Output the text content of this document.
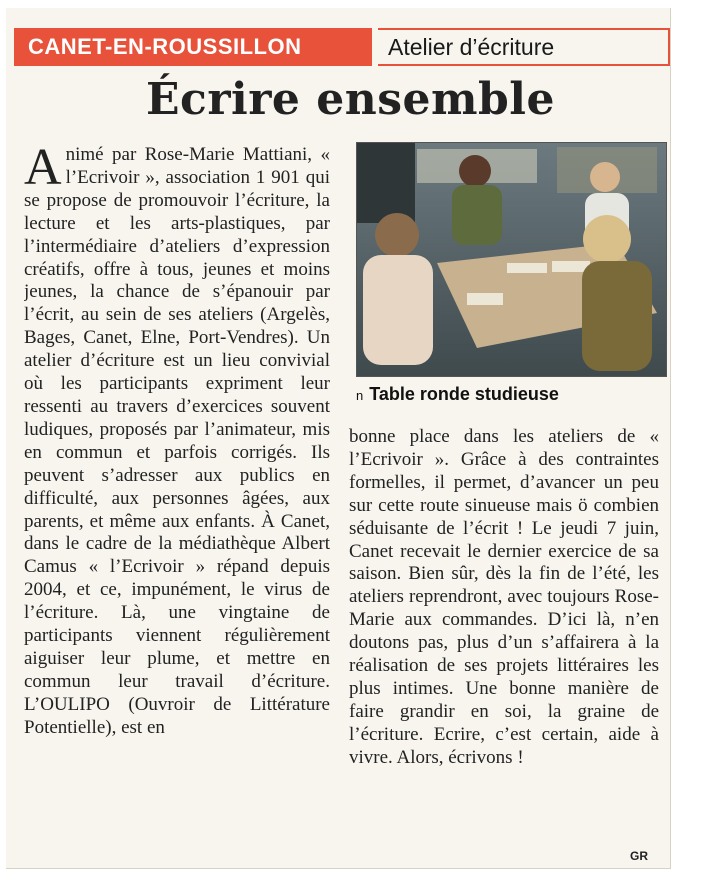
CANET-EN-ROUSSILLON	Atelier d’écriture
Écrire ensemble
Animé par Rose-Marie Mattiani, « l’Ecrivoir », association 1 901 qui se propose de promouvoir l’écriture, la lecture et les arts-plastiques, par l’intermédiaire d’ateliers d’expression créatifs, offre à tous, jeunes et moins jeunes, la chance de s’épanouir par l’écrit, au sein de ses ateliers (Argelès, Bages, Canet, Elne, Port-Vendres). Un atelier d’écriture est un lieu convivial où les participants expriment leur ressenti au travers d’exercices souvent ludiques, proposés par l’animateur, mis en commun et parfois corrigés. Ils peuvent s’adresser aux publics en difficulté, aux personnes âgées, aux parents, et même aux enfants. À Canet, dans le cadre de la médiathèque Albert Camus « l’Ecrivoir » répand depuis 2004, et ce, impunément, le virus de l’écriture. Là, une vingtaine de participants viennent régulièrement aiguiser leur plume, et mettre en commun leur travail d’écriture. L’OULIPO (Ouvroir de Littérature Potentielle), est en
n Table ronde studieuse
bonne place dans les ateliers de « l’Ecrivoir ». Grâce à des contraintes formelles, il permet, d’avancer un peu sur cette route sinueuse mais ö combien séduisante de l’écrit ! Le jeudi 7 juin, Canet recevait le dernier exercice de sa saison. Bien sûr, dès la fin de l’été, les ateliers reprendront, avec toujours Rose-Marie aux commandes. D’ici là, n’en doutons pas, plus d’un s’affairera à la réalisation de ses projets littéraires les plus intimes. Une bonne manière de faire grandir en soi, la graine de l’écriture. Ecrire, c’est certain, aide à vivre. Alors, écrivons !
GR
